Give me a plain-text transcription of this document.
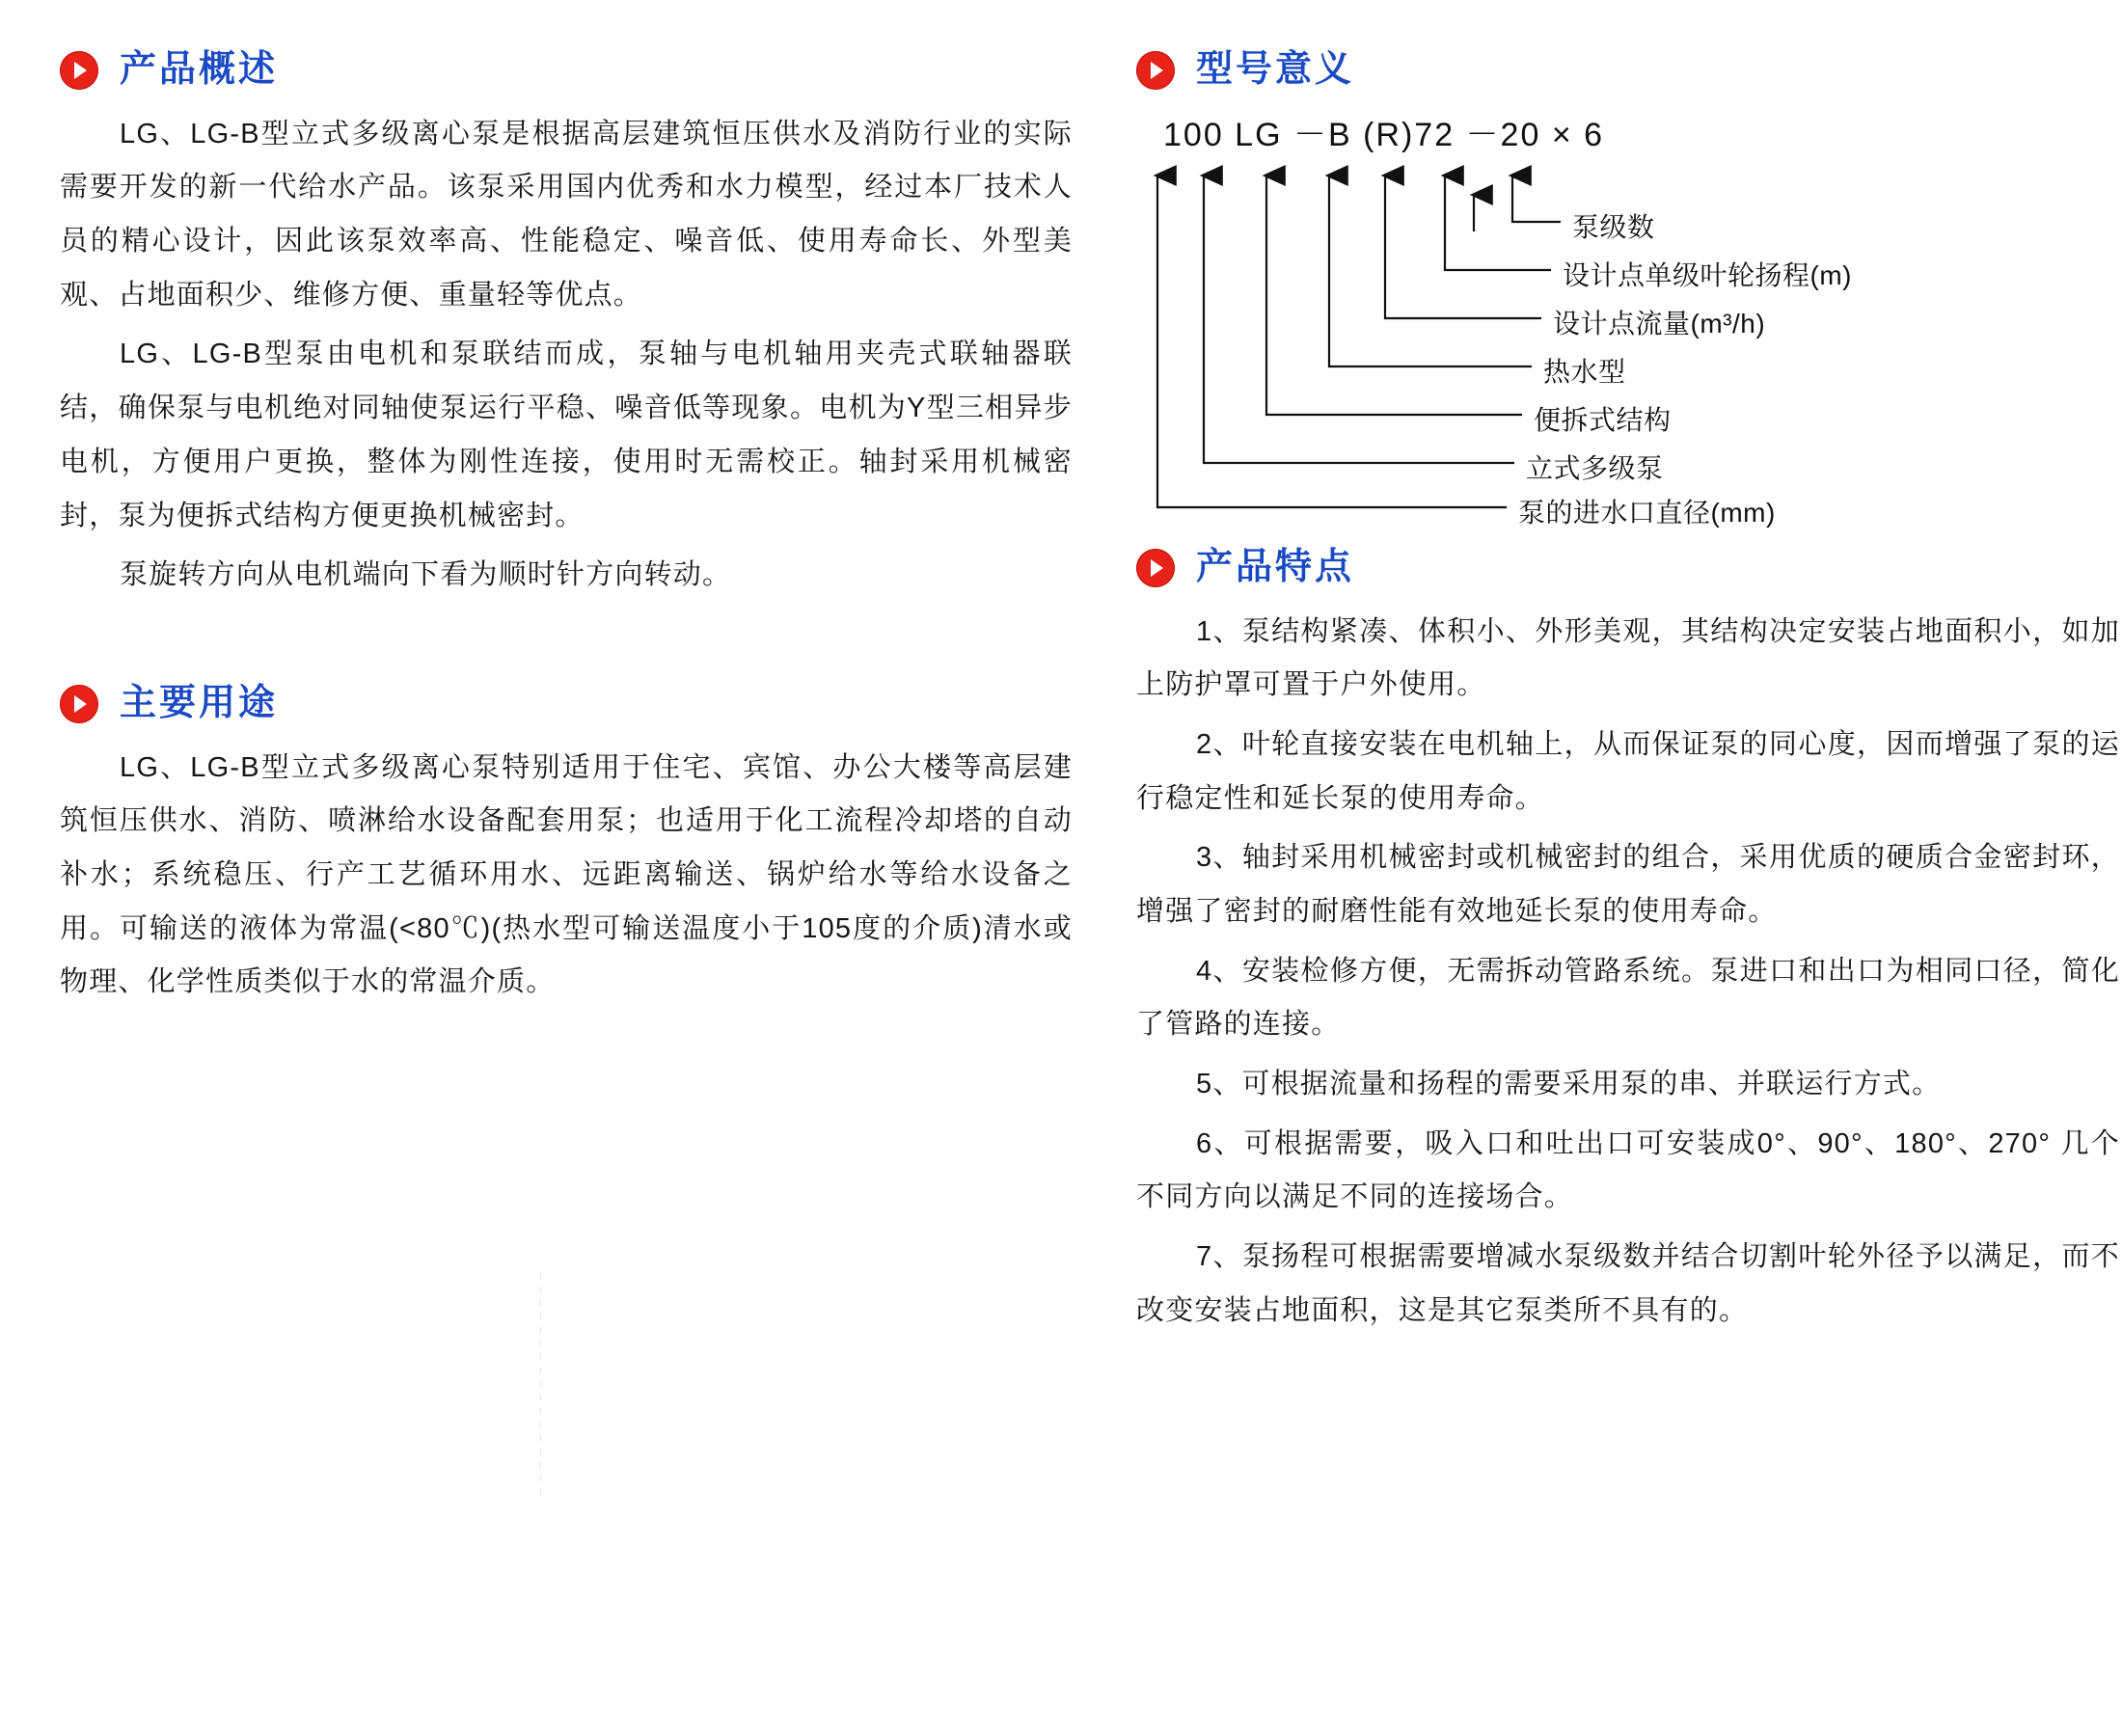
产品概述

LG、LG-B型立式多级离心泵是根据高层建筑恒压供水及消防行业的实际需要开发的新一代给水产品。该泵采用国内优秀和水力模型，经过本厂技术人员的精心设计，因此该泵效率高、性能稳定、噪音低、使用寿命长、外型美观、占地面积少、维修方便、重量轻等优点。

LG、LG-B型泵由电机和泵联结而成，泵轴与电机轴用夹壳式联轴器联结，确保泵与电机绝对同轴使泵运行平稳、噪音低等现象。电机为Y型三相异步电机，方便用户更换，整体为刚性连接，使用时无需校正。轴封采用机械密封，泵为便拆式结构方便更换机械密封。

泵旋转方向从电机端向下看为顺时针方向转动。

主要用途

LG、LG-B型立式多级离心泵特别适用于住宅、宾馆、办公大楼等高层建筑恒压供水、消防、喷淋给水设备配套用泵；也适用于化工流程冷却塔的自动补水；系统稳压、行产工艺循环用水、远距离输送、锅炉给水等给水设备之用。可输送的液体为常温(<80℃)(热水型可输送温度小于105度的介质)清水或物理、化学性质类似于水的常温介质。

型号意义
100 LG －B (R)72 －20 × 6
泵级数
设计点单级叶轮扬程(m)
设计点流量(m³/h)
热水型
便拆式结构
立式多级泵
泵的进水口直径(mm)
产品特点

1、泵结构紧凑、体积小、外形美观，其结构决定安装占地面积小，如加上防护罩可置于户外使用。

2、叶轮直接安装在电机轴上，从而保证泵的同心度，因而增强了泵的运行稳定性和延长泵的使用寿命。

3、轴封采用机械密封或机械密封的组合，采用优质的硬质合金密封环，增强了密封的耐磨性能有效地延长泵的使用寿命。

4、安装检修方便，无需拆动管路系统。泵进口和出口为相同口径，简化了管路的连接。

5、可根据流量和扬程的需要采用泵的串、并联运行方式。

6、可根据需要，吸入口和吐出口可安装成0°、90°、180°、270° 几个不同方向以满足不同的连接场合。

7、泵扬程可根据需要增减水泵级数并结合切割叶轮外径予以满足，而不改变安装占地面积，这是其它泵类所不具有的。
